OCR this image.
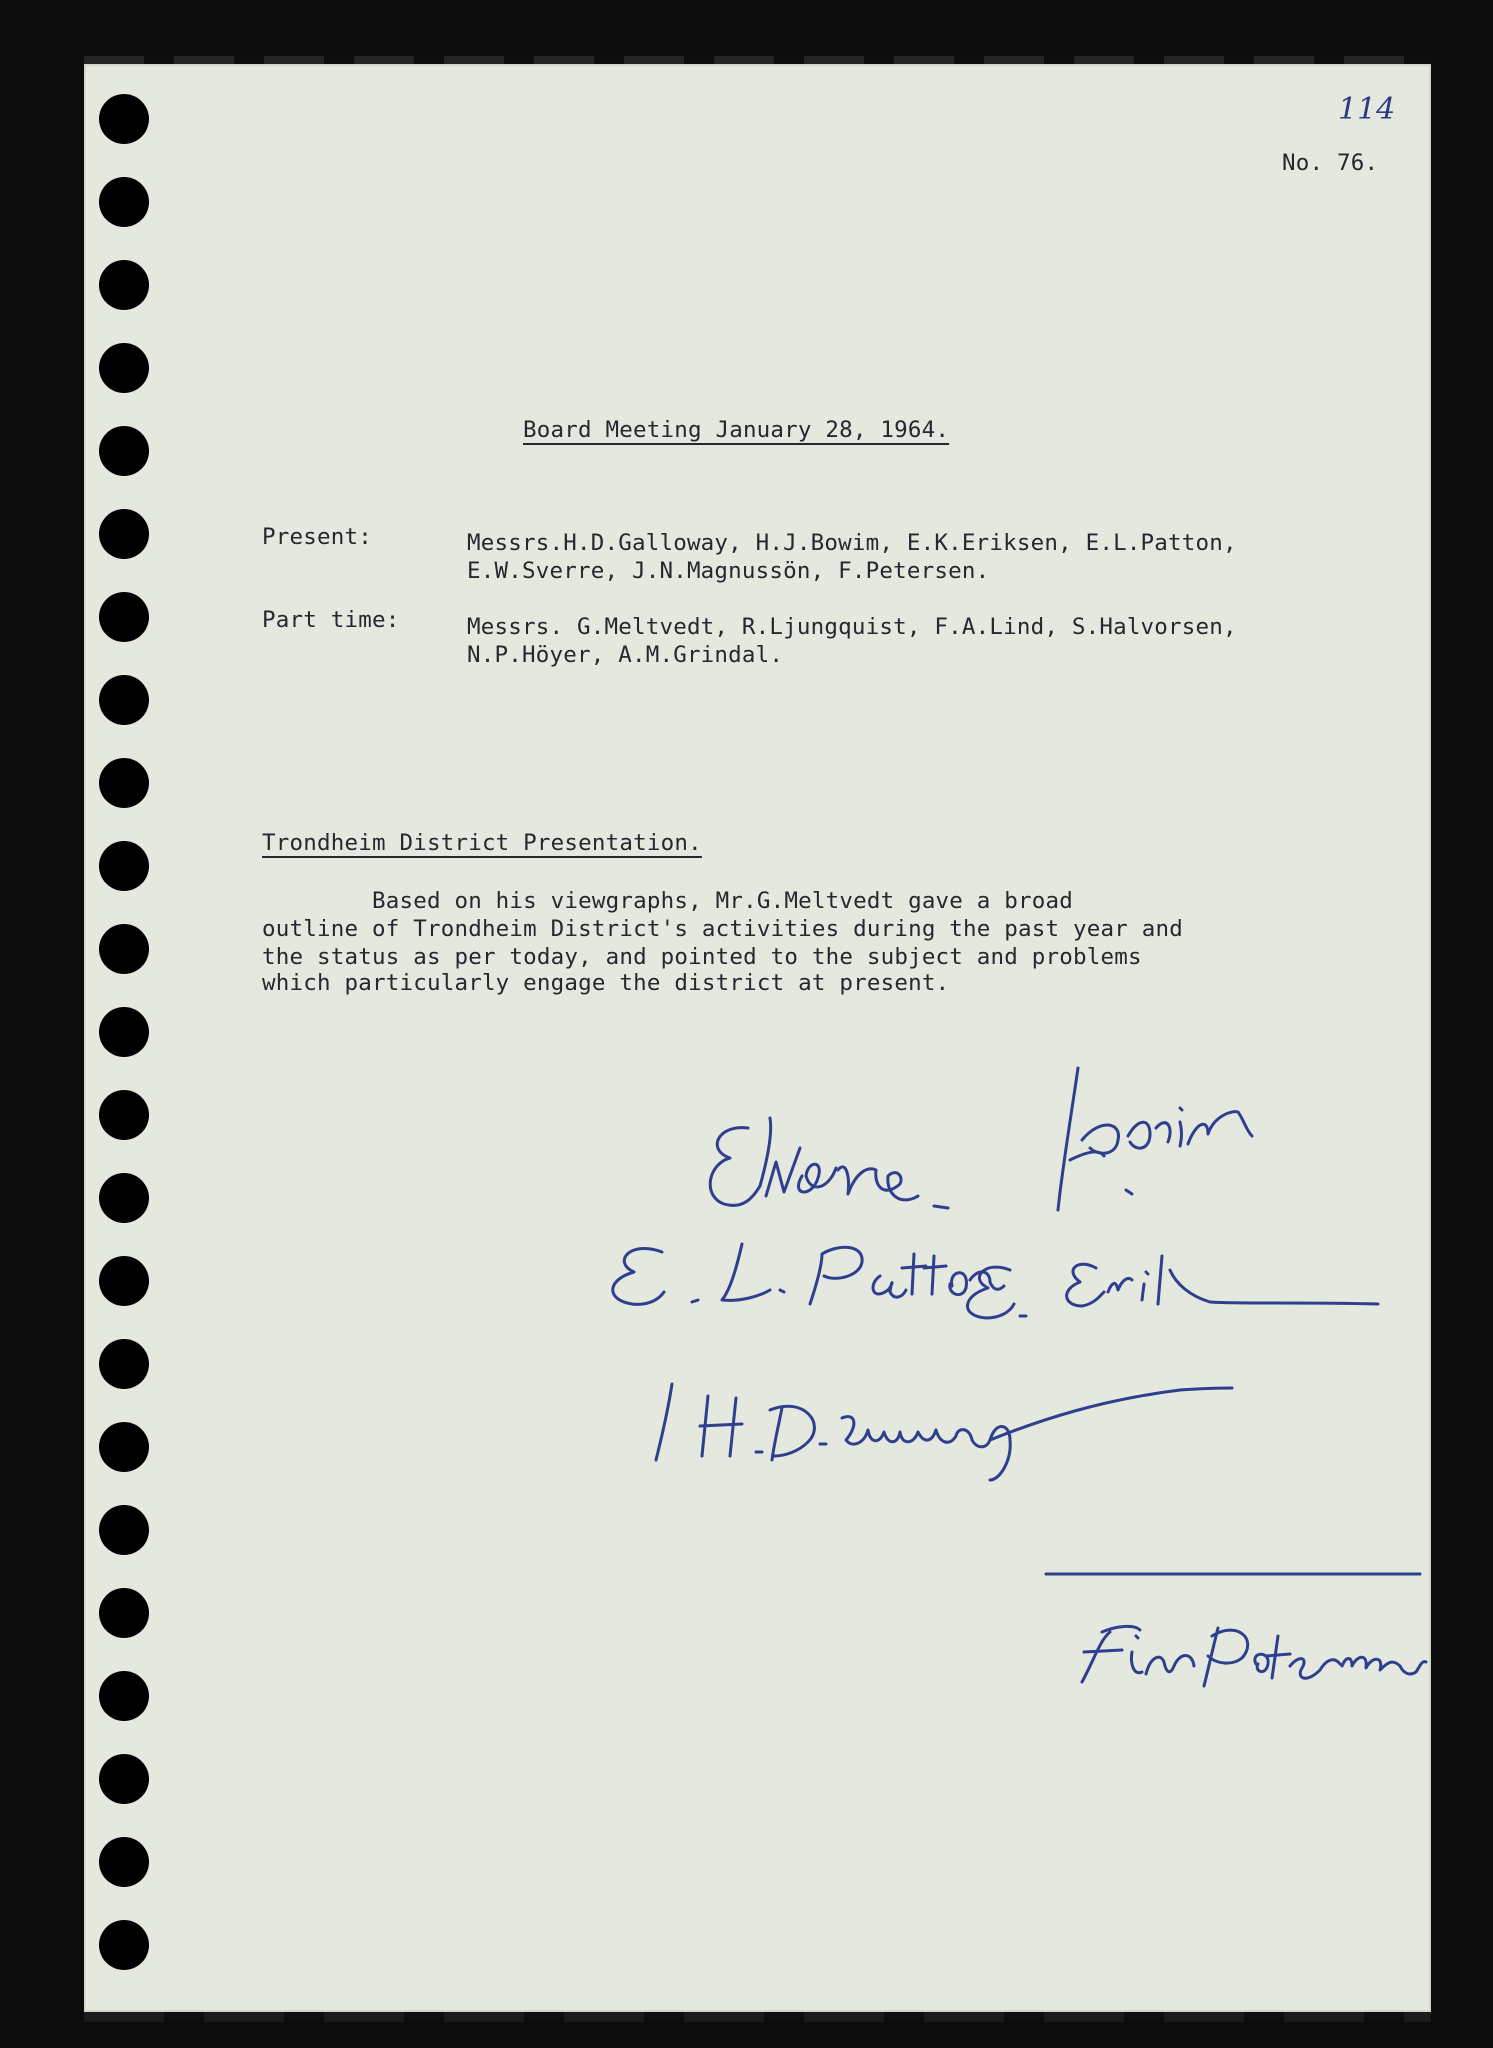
114
No. 76.
Board Meeting January 28, 1964.
Present:	Messrs.H.D.Galloway, H.J.Bowim, E.K.Eriksen, E.L.Patton,
E.W.Sverre, J.N.Magnussön, F.Petersen.
Part time:	Messrs. G.Meltvedt, R.Ljungquist, F.A.Lind, S.Halvorsen,
N.P.Höyer, A.M.Grindal.
Trondheim District Presentation.
Based on his viewgraphs, Mr.G.Meltvedt gave a broad
outline of Trondheim District's activities during the past year and
the status as per today, and pointed to the subject and problems
which particularly engage the district at present.
